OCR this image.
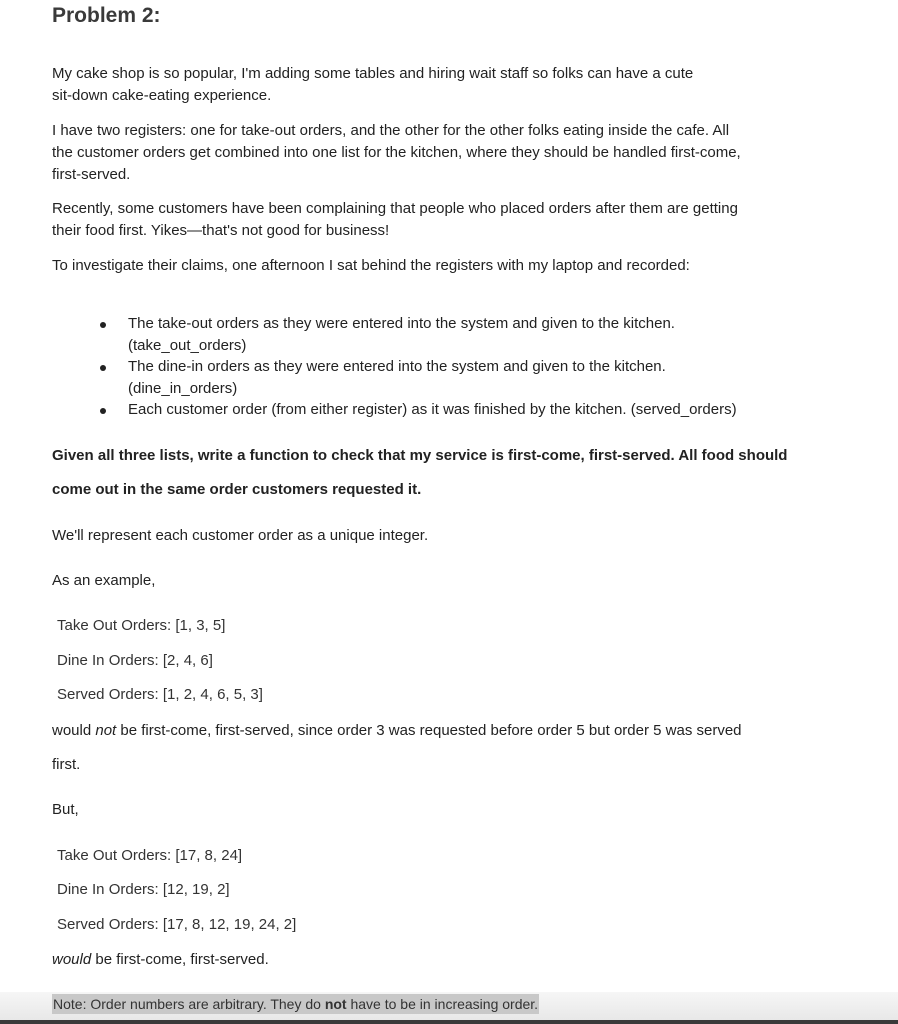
Problem 2:

My cake shop is so popular, I'm adding some tables and hiring wait staff so folks can have a cute
sit-down cake-eating experience.

I have two registers: one for take-out orders, and the other for the other folks eating inside the cafe. All
the customer orders get combined into one list for the kitchen, where they should be handled first-come,
first-served.

Recently, some customers have been complaining that people who placed orders after them are getting
their food first. Yikes—that's not good for business!

To investigate their claims, one afternoon I sat behind the registers with my laptop and recorded:

The take-out orders as they were entered into the system and given to the kitchen.
(take_out_orders)
The dine-in orders as they were entered into the system and given to the kitchen.
(dine_in_orders)
Each customer order (from either register) as it was finished by the kitchen. (served_orders)

Given all three lists, write a function to check that my service is first-come, first-served. All food should
come out in the same order customers requested it.

We'll represent each customer order as a unique integer.

As an example,

Take Out Orders: [1, 3, 5]

Dine In Orders: [2, 4, 6]

Served Orders: [1, 2, 4, 6, 5, 3]

would not be first-come, first-served, since order 3 was requested before order 5 but order 5 was served
first.

But,

Take Out Orders: [17, 8, 24]

Dine In Orders: [12, 19, 2]

Served Orders: [17, 8, 12, 19, 24, 2]

would be first-come, first-served.

Note: Order numbers are arbitrary. They do not have to be in increasing order.
